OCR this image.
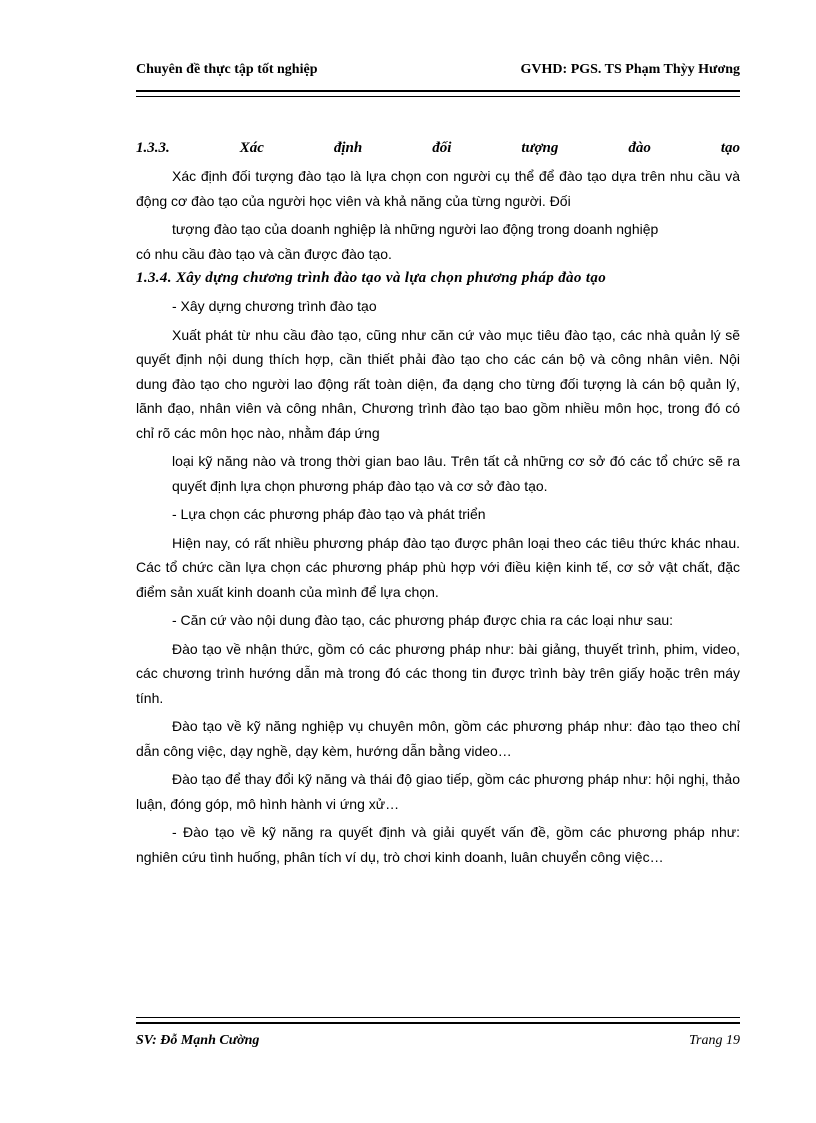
Chuyên đề thực tập tốt nghiệp	GVHD: PGS. TS Phạm Thỳy Hương
1.3.3.	Xác	định	đối	tượng	đào	tạo

Xác định đối tượng đào tạo là lựa chọn con người cụ thể để đào tạo dựa trên nhu cầu và động cơ đào tạo của người học viên và khả năng của từng người. Đối

tượng đào tạo của doanh nghiệp là những người lao động trong doanh nghiệp

có nhu cầu đào tạo và cần được đào tạo.

1.3.4. Xây dựng chương trình đào tạo và lựa chọn phương pháp đào tạo

- Xây dựng chương trình đào tạo

Xuất phát từ nhu cầu đào tạo, cũng như căn cứ vào mục tiêu đào tạo, các nhà quản lý sẽ quyết định nội dung thích hợp, cần thiết phải đào tạo cho các cán bộ và công nhân viên. Nội dung đào tạo cho người lao động rất toàn diện, đa dạng cho từng đối tượng là cán bộ quản lý, lãnh đạo, nhân viên và công nhân, Chương trình đào tạo bao gồm nhiều môn học, trong đó có chỉ rõ các môn học nào, nhằm đáp ứng

loại kỹ năng nào và trong thời gian bao lâu. Trên tất cả những cơ sở đó các tổ chức sẽ ra quyết định lựa chọn phương pháp đào tạo và cơ sở đào tạo.

- Lựa chọn các phương pháp đào tạo và phát triển

Hiện nay, có rất nhiều phương pháp đào tạo được phân loại theo các tiêu thức khác nhau. Các tổ chức cần lựa chọn các phương pháp phù hợp với điều kiện kinh tế, cơ sở vật chất, đặc điểm sản xuất kinh doanh của mình để lựa chọn.

- Căn cứ vào nội dung đào tạo, các phương pháp được chia ra các loại như sau:

Đào tạo về nhận thức, gồm có các phương pháp như: bài giảng, thuyết trình, phim, video, các chương trình hướng dẫn mà trong đó các thong tin được trình bày trên giấy hoặc trên máy tính.

Đào tạo về kỹ năng nghiệp vụ chuyên môn, gồm các phương pháp như: đào tạo theo chỉ dẫn công việc, dạy nghề, dạy kèm, hướng dẫn bằng video…

Đào tạo để thay đổi kỹ năng và thái độ giao tiếp, gồm các phương pháp như: hội nghị, thảo luận, đóng góp, mô hình hành vi ứng xử…

- Đào tạo về kỹ năng ra quyết định và giải quyết vấn đề, gồm các phương pháp như: nghiên cứu tình huống, phân tích ví dụ, trò chơi kinh doanh, luân chuyển công việc…

SV: Đỗ Mạnh Cường	Trang 19
